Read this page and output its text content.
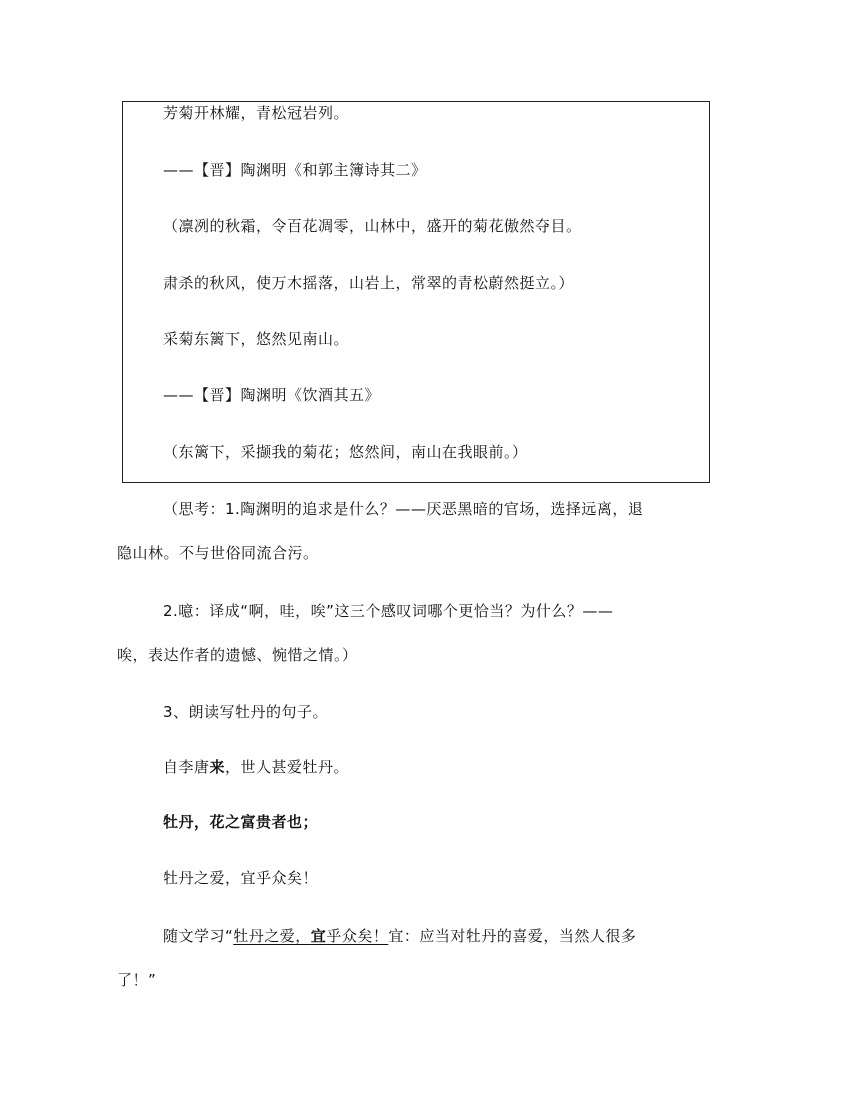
芳菊开林耀，青松冠岩列。
——【晋】陶渊明《和郭主簿诗其二》
（凛冽的秋霜，令百花凋零，山林中，盛开的菊花傲然夺目。
肃杀的秋风，使万木摇落，山岩上，常翠的青松蔚然挺立。）
采菊东篱下，悠然见南山。
——【晋】陶渊明《饮酒其五》
（东篱下，采撷我的菊花；悠然间，南山在我眼前。）
（思考：1.陶渊明的追求是什么？——厌恶黑暗的官场，选择远离，退
隐山林。不与世俗同流合污。
2.噫：译成“啊，哇，唉”这三个感叹词哪个更恰当？为什么？——
唉，表达作者的遗憾、惋惜之情。）
3、朗读写牡丹的句子。
自李唐来，世人甚爱牡丹。
牡丹，花之富贵者也；
牡丹之爱，宜乎众矣！
随文学习“牡丹之爱，宜乎众矣！宜：应当对牡丹的喜爱，当然人很多
了！”
